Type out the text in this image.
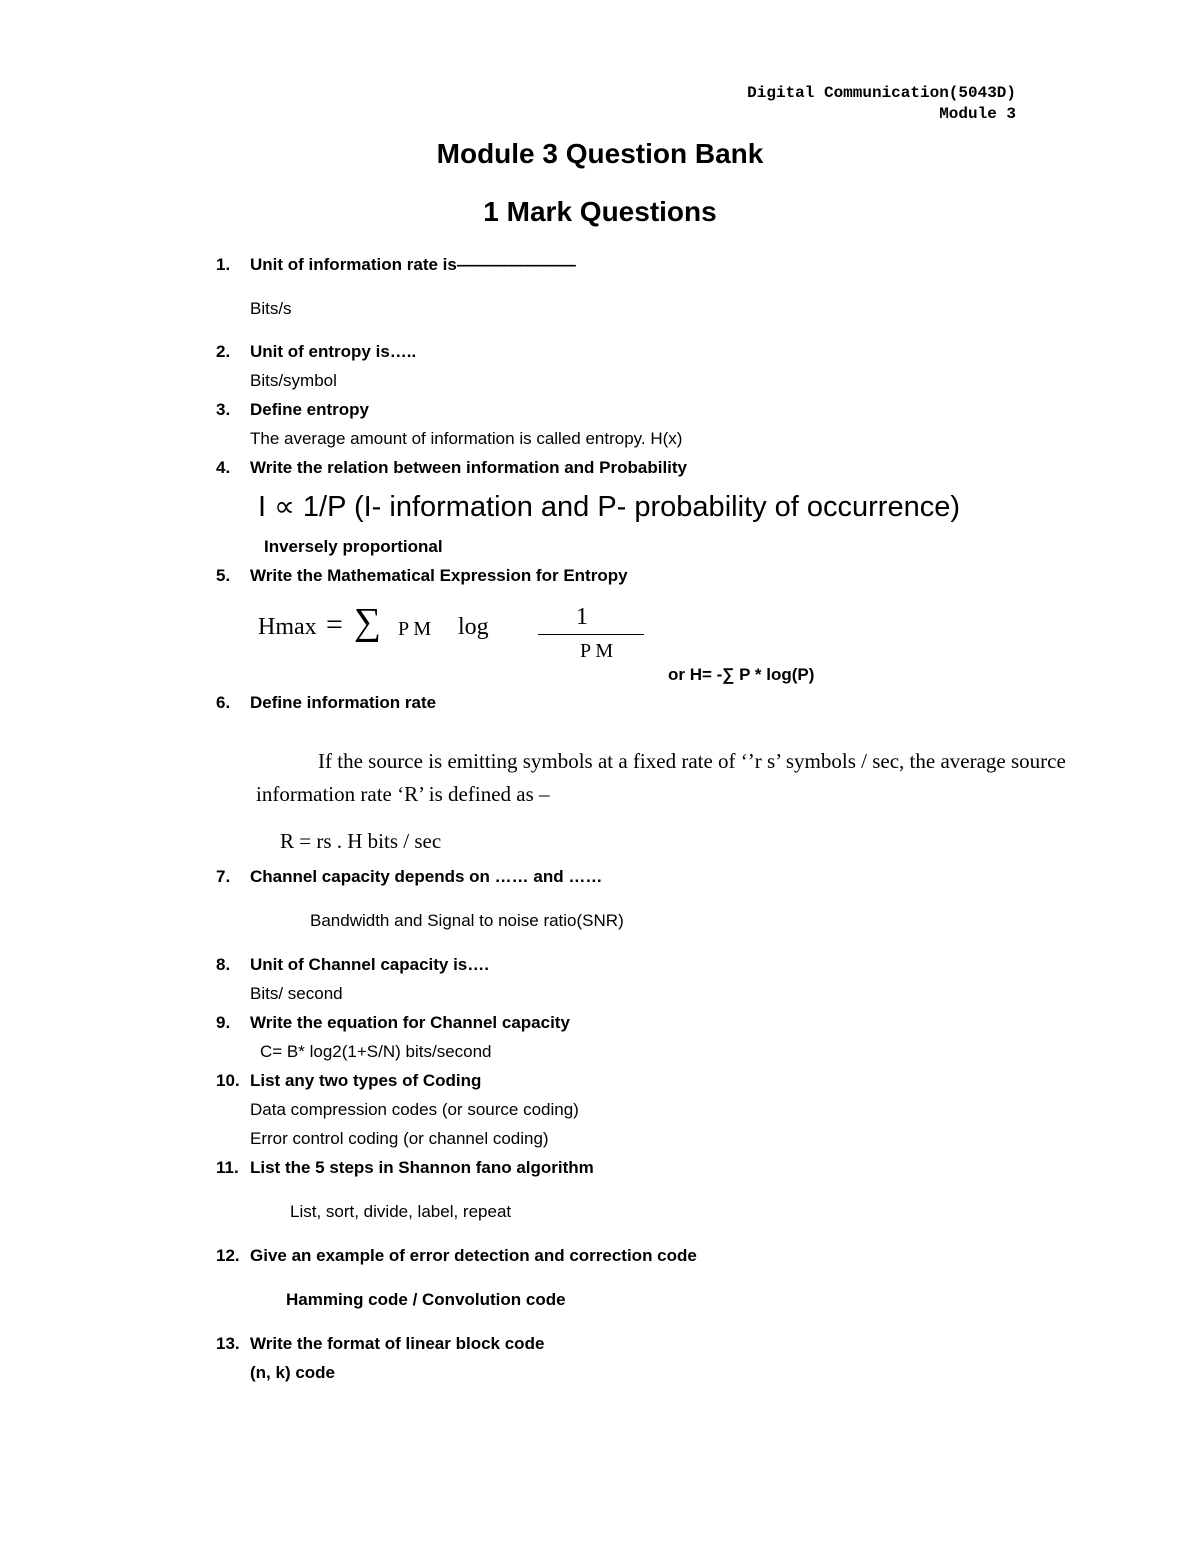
Digital Communication(5043D)
Module 3
Module 3 Question Bank
1 Mark Questions
1. Unit of information rate is———————
Bits/s
2. Unit of entropy is…..
Bits/symbol
3. Define entropy
The average amount of information is called entropy. H(x)
4. Write the relation between information and Probability
I ∝ 1/P (I- information and P- probability of occurrence)
Inversely proportional
5. Write the Mathematical Expression for Entropy
Hmax = ∑ P M log	1
P M
or H= -∑ P * log(P)
6. Define information rate
If the source is emitting symbols at a fixed rate of ‘’r s’ symbols / sec, the average source
information rate ‘R’ is defined as –
R = rs . H bits / sec
7. Channel capacity depends on …… and ……
Bandwidth and Signal to noise ratio(SNR)
8. Unit of Channel capacity is….
Bits/ second
9. Write the equation for Channel capacity
C= B* log2(1+S/N) bits/second
10. List any two types of Coding
Data compression codes (or source coding)
Error control coding (or channel coding)
11. List the 5 steps in Shannon fano algorithm
List, sort, divide, label, repeat
12. Give an example of error detection and correction code
Hamming code / Convolution code
13. Write the format of linear block code
(n, k) code
